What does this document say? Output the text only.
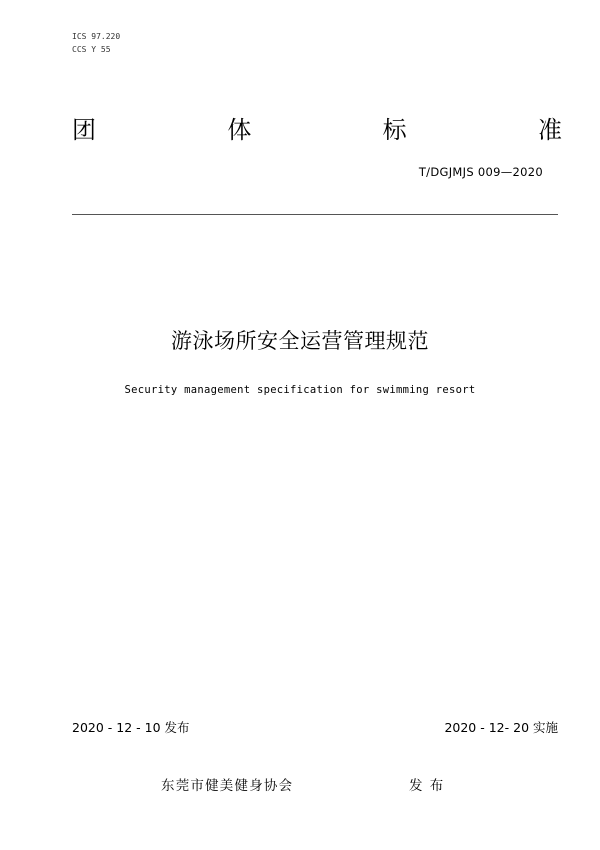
ICS 97.220
CCS Y 55
团	体	标	准
T/DGJMJS 009—2020
游泳场所安全运营管理规范
Security management specification for swimming resort
2020 - 12 - 10 发布	2020 - 12- 20 实施
东莞市健美健身协会	发 布
